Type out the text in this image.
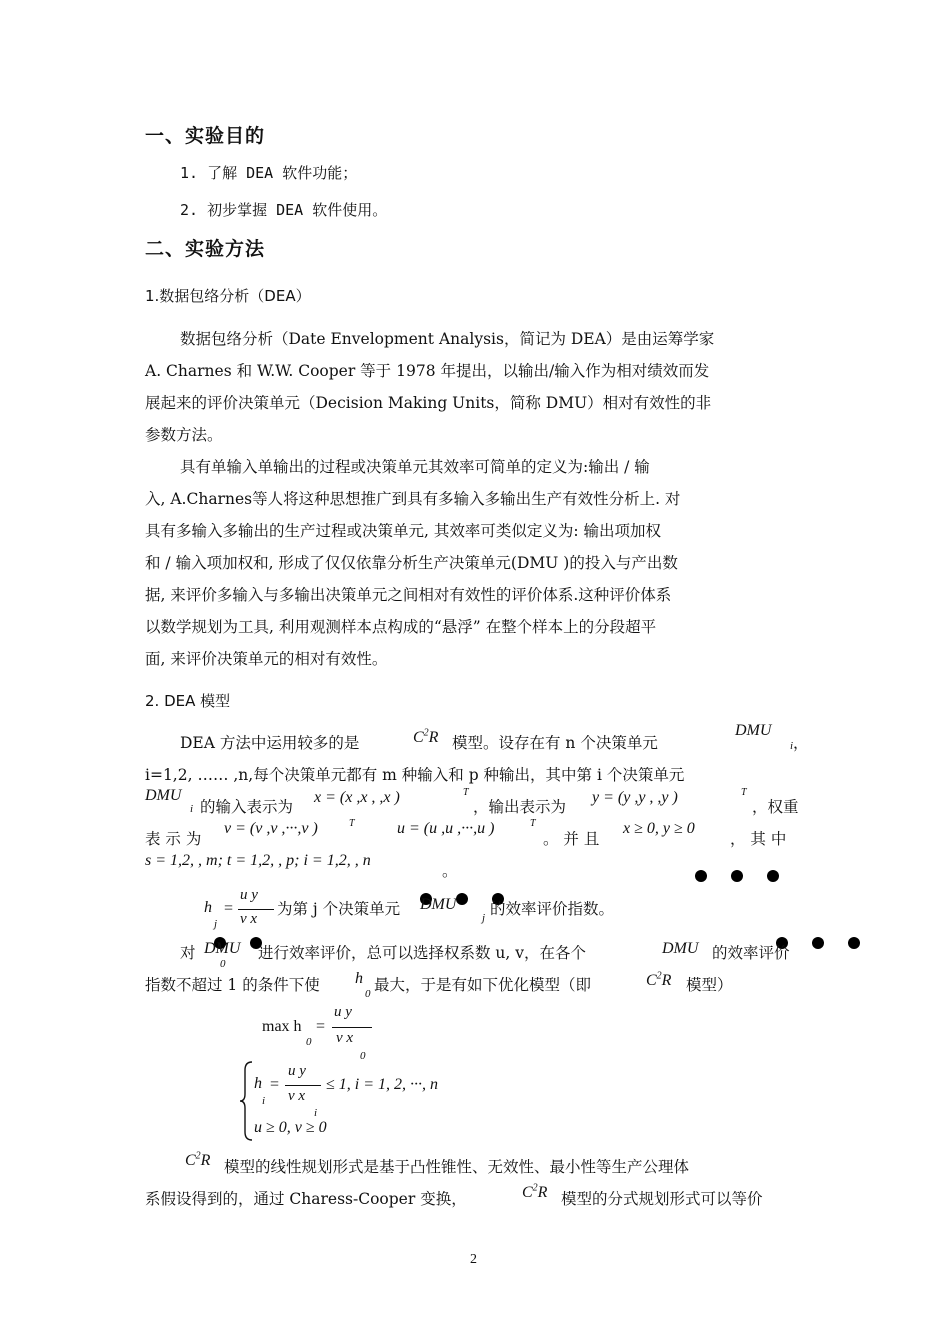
一、实验目的
1. 了解 DEA 软件功能；
2. 初步掌握 DEA 软件使用。
二、实验方法
1.数据包络分析（DEA）
数据包络分析（Date Envelopment Analysis，简记为 DEA）是由运筹学家
A. Charnes 和 W.W. Cooper 等于 1978 年提出，以输出/输入作为相对绩效而发
展起来的评价决策单元（Decision Making Units，简称 DMU）相对有效性的非
参数方法。
具有单输入单输出的过程或决策单元其效率可简单的定义为:输出 / 输
入, A.Charnes等人将这种思想推广到具有多输入多输出生产有效性分析上. 对
具有多输入多输出的生产过程或决策单元, 其效率可类似定义为: 输出项加权
和 / 输入项加权和, 形成了仅仅依靠分析生产决策单元(DMU )的投入与产出数
据, 来评价多输入与多输出决策单元之间相对有效性的评价体系.这种评价体系
以数学规划为工具, 利用观测样本点构成的“悬浮” 在整个样本上的分段超平
面, 来评价决策单元的相对有效性。
2. DEA 模型
DEA 方法中运用较多的是	$C^2R$ 模型。设存在有 n 个决策单元
DMU
i ，
i=1,2, …… ,n,每个决策单元都有 m 种输入和 p 种输出，其中第 i 个决策单元
DMU
i 的输入表示为
x = (x ,x , ,x )	T
，输出表示为
y = (y ,y , ,y )	T
，权重
表 示 为
v = (v ,v ,···,v )	T	u = (u ,u ,···,u )	T
。 并 且
x ≥ 0, y ≥ 0
， 其 中
s = 1,2, , m; t = 1,2, , p; i = 1,2, , n
。
h
j
=
u y
v x
为第 j 个决策单元 DMU
j 的效率评价指数。
对 DMU
0
进行效率评价，总可以选择权系数 u, v，在各个	DMU 的效率评价
指数不超过 1 的条件下使 h
0 最大，于是有如下优化模型（即	$C^2R$ 模型）
max h
0
=
u y
v x
0
h
i
=
u y
v x
i
≤ 1, i = 1, 2, ···, n
u ≥ 0, v ≥ 0
$C^2R$ 模型的线性规划形式是基于凸性锥性、无效性、最小性等生产公理体
系假设得到的，通过 Charess-Cooper 变换，	$C^2R$ 模型的分式规划形式可以等价
2
